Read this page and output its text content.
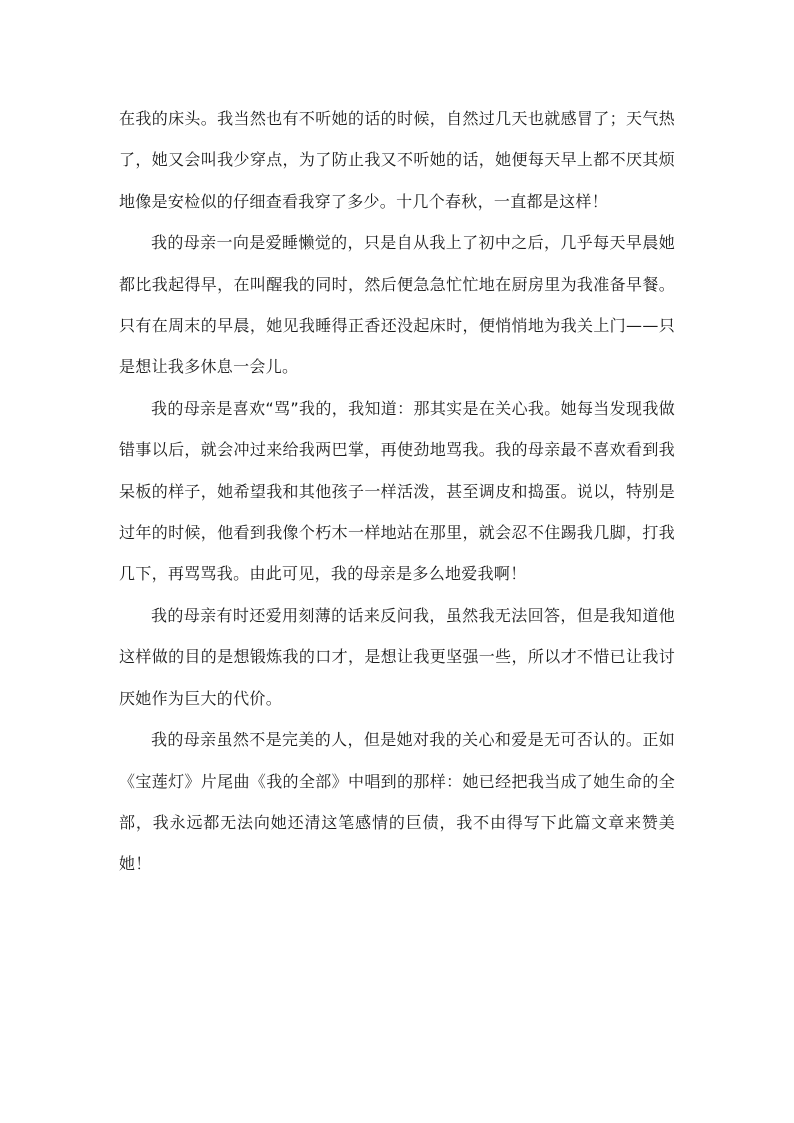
在我的床头。我当然也有不听她的话的时候，自然过几天也就感冒了；天气热了，她又会叫我少穿点，为了防止我又不听她的话，她便每天早上都不厌其烦地像是安检似的仔细查看我穿了多少。十几个春秋，一直都是这样！

我的母亲一向是爱睡懒觉的，只是自从我上了初中之后，几乎每天早晨她都比我起得早，在叫醒我的同时，然后便急急忙忙地在厨房里为我准备早餐。只有在周末的早晨，她见我睡得正香还没起床时，便悄悄地为我关上门——只是想让我多休息一会儿。

我的母亲是喜欢“骂”我的，我知道：那其实是在关心我。她每当发现我做错事以后，就会冲过来给我两巴掌，再使劲地骂我。我的母亲最不喜欢看到我呆板的样子，她希望我和其他孩子一样活泼，甚至调皮和捣蛋。说以，特别是过年的时候，他看到我像个朽木一样地站在那里，就会忍不住踢我几脚，打我几下，再骂骂我。由此可见，我的母亲是多么地爱我啊！

我的母亲有时还爱用刻薄的话来反问我，虽然我无法回答，但是我知道他这样做的目的是想锻炼我的口才，是想让我更坚强一些，所以才不惜已让我讨厌她作为巨大的代价。

我的母亲虽然不是完美的人，但是她对我的关心和爱是无可否认的。正如《宝莲灯》片尾曲《我的全部》中唱到的那样：她已经把我当成了她生命的全部，我永远都无法向她还清这笔感情的巨债，我不由得写下此篇文章来赞美她！
